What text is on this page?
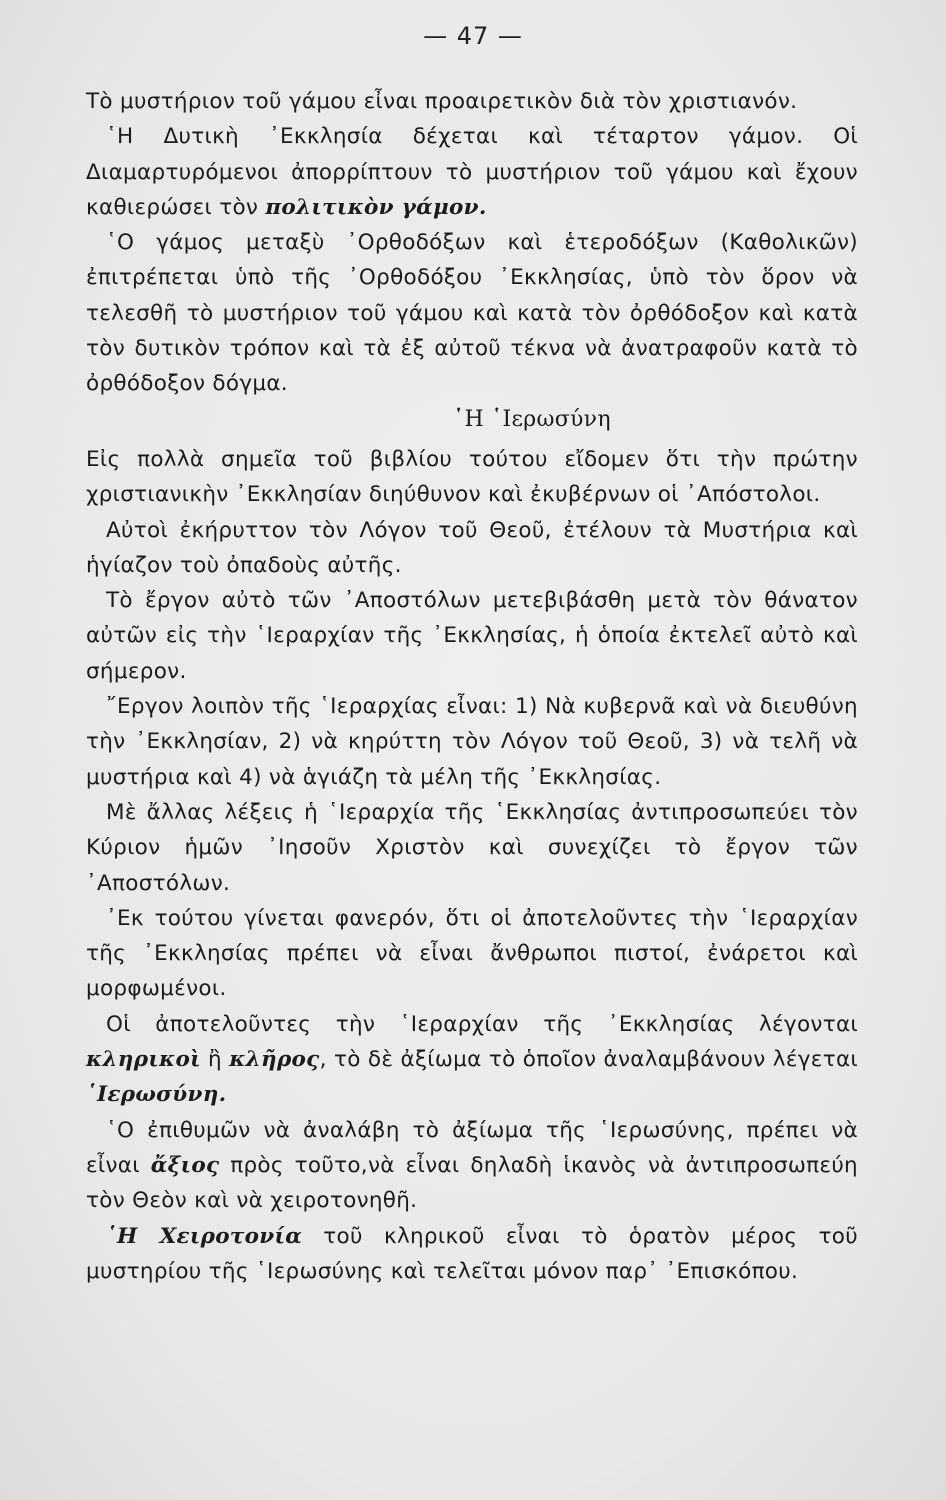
— 47 —

Τὸ μυστήριον τοῦ γάμου εἶναι προαιρετικὸν διὰ τὸν χριστιανόν.

῾Η Δυτικὴ ᾿Εκκλησία δέχεται καὶ τέταρτον γάμον. Οἱ Διαμαρτυρόμενοι ἀπορρίπτουν τὸ μυστήριον τοῦ γάμου καὶ ἔχουν καθιερώσει τὸν πολιτικὸν γάμον.

῾Ο γάμος μεταξὺ ᾿Ορθοδόξων καὶ ἑτεροδόξων (Καθολικῶν) ἐπιτρέπεται ὑπὸ τῆς ᾿Ορθοδόξου ᾿Εκκλησίας, ὑπὸ τὸν ὅρον νὰ τελεσθῆ τὸ μυστήριον τοῦ γάμου καὶ κατὰ τὸν ὀρθόδοξον καὶ κατὰ τὸν δυτικὸν τρόπον καὶ τὰ ἐξ αὐτοῦ τέκνα νὰ ἀνατραφοῦν κατὰ τὸ ὀρθόδοξον δόγμα.

῾Η ῾Ιερωσύνη

Εἰς πολλὰ σημεῖα τοῦ βιβλίου τούτου εἴδομεν ὅτι τὴν πρώτην χριστιανικὴν ᾿Εκκλησίαν διηύθυνον καὶ ἐκυβέρνων οἱ ᾿Απόστολοι.

Αὐτοὶ ἐκήρυττον τὸν Λόγον τοῦ Θεοῦ, ἐτέλουν τὰ Μυστήρια καὶ ἡγίαζον τοὺ ὀπαδοὺς αὐτῆς.

Τὸ ἔργον αὐτὸ τῶν ᾿Αποστόλων μετεβιβάσθη μετὰ τὸν θάνατον αὐτῶν εἰς τὴν ῾Ιεραρχίαν τῆς ᾿Εκκλησίας, ἡ ὁποία ἐκτελεῖ αὐτὸ καὶ σήμερον.

῎Εργον λοιπὸν τῆς ῾Ιεραρχίας εἶναι: 1) Νὰ κυβερνᾶ καὶ νὰ διευθύνη τὴν ᾿Εκκλησίαν, 2) νὰ κηρύττη τὸν Λόγον τοῦ Θεοῦ, 3) νὰ τελῆ νὰ μυστήρια καὶ 4) νὰ ἁγιάζη τὰ μέλη τῆς ᾿Εκκλησίας.

Μὲ ἄλλας λέξεις ἡ ῾Ιεραρχία τῆς ῾Εκκλησίας ἀντιπροσωπεύει τὸν Κύριον ἡμῶν ᾿Ιησοῦν Χριστὸν καὶ συνεχίζει τὸ ἔργον τῶν ᾿Αποστόλων.

᾿Εκ τούτου γίνεται φανερόν, ὅτι οἱ ἀποτελοῦντες τὴν ῾Ιεραρχίαν τῆς ᾿Εκκλησίας πρέπει νὰ εἶναι ἄνθρωποι πιστοί, ἐνάρετοι καὶ μορφωμένοι.

Οἱ ἀποτελοῦντες τὴν ῾Ιεραρχίαν τῆς ᾿Εκκλησίας λέγονται κληρικοὶ ἢ κλῆρος, τὸ δὲ ἀξίωμα τὸ ὁποῖον ἀναλαμβάνουν λέγεται ῾Ιερωσύνη.

῾Ο ἐπιθυμῶν νὰ ἀναλάβη τὸ ἀξίωμα τῆς ῾Ιερωσύνης, πρέπει νὰ εἶναι ἄξιος πρὸς τοῦτο,νὰ εἶναι δηλαδὴ ἱκανὸς νὰ ἀντιπροσωπεύη τὸν Θεὸν καὶ νὰ χειροτονηθῆ.

῾Η Χειροτονία τοῦ κληρικοῦ εἶναι τὸ ὁρατὸν μέρος τοῦ μυστηρίου τῆς ῾Ιερωσύνης καὶ τελεῖται μόνον παρ᾿ ᾿Επισκόπου.
